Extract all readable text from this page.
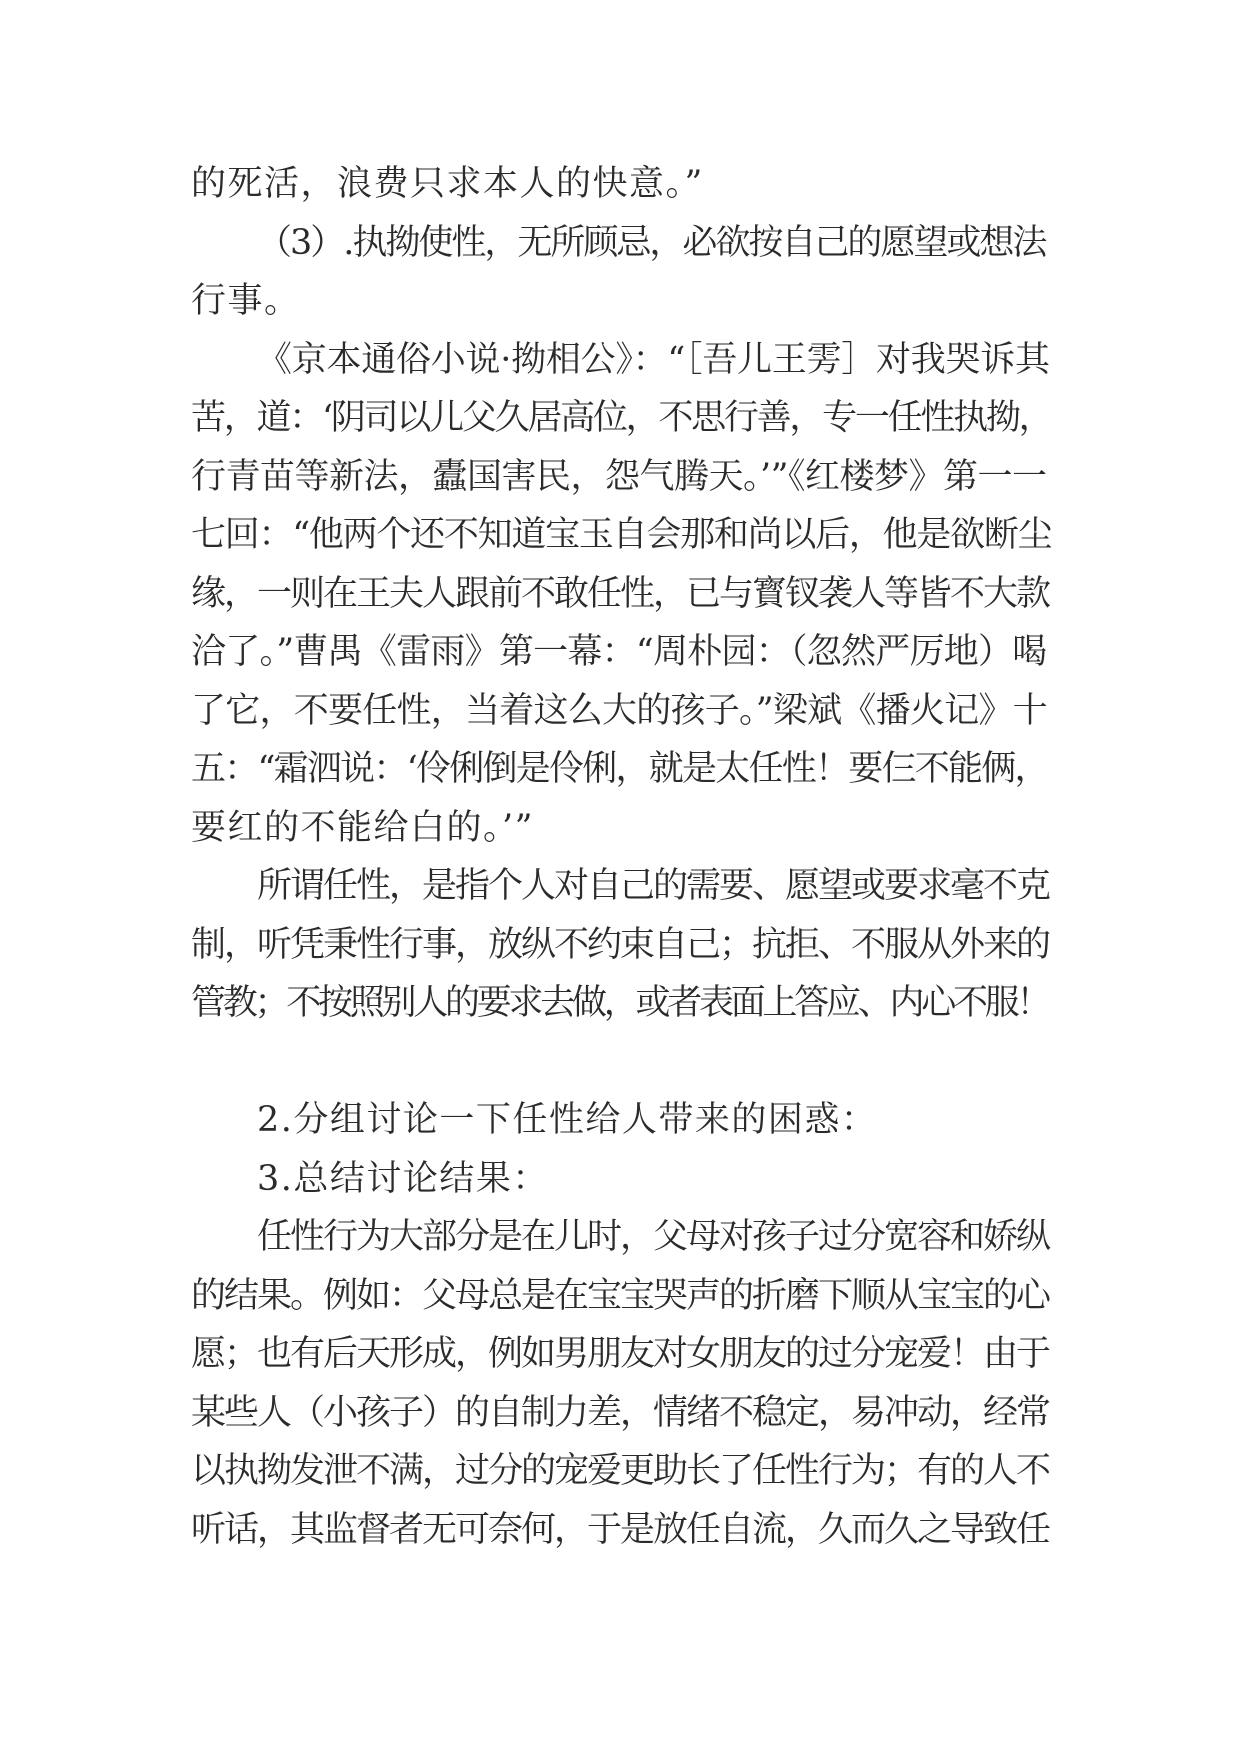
的死活，浪费只求本人的快意。”
（3）.执拗使性，无所顾忌，必欲按自己的愿望或想法
行事。
《京本通俗小说·拗相公》：“［吾儿王雱］对我哭诉其
苦，道：‘阴司以儿父久居高位，不思行善，专一任性执拗，
行青苗等新法，蠹国害民，怨气腾天。’”《红楼梦》第一一
七回：“他两个还不知道宝玉自会那和尚以后，他是欲断尘
缘，一则在王夫人跟前不敢任性，已与寳钗袭人等皆不大款
洽了。”曹禺《雷雨》第一幕：“周朴园：（忽然严厉地）喝
了它，不要任性，当着这么大的孩子。”梁斌《播火记》十
五：“霜泗说：‘伶俐倒是伶俐，就是太任性！要仨不能俩，
要红的不能给白的。’”
所谓任性，是指个人对自己的需要、愿望或要求毫不克
制，听凭秉性行事，放纵不约束自己；抗拒、不服从外来的
管教；不按照别人的要求去做，或者表面上答应、内心不服！
2.分组讨论一下任性给人带来的困惑：
3.总结讨论结果：
任性行为大部分是在儿时，父母对孩子过分宽容和娇纵
的结果。例如：父母总是在宝宝哭声的折磨下顺从宝宝的心
愿；也有后天形成，例如男朋友对女朋友的过分宠爱！由于
某些人（小孩子）的自制力差，情绪不稳定，易冲动，经常
以执拗发泄不满，过分的宠爱更助长了任性行为；有的人不
听话，其监督者无可奈何，于是放任自流，久而久之导致任
